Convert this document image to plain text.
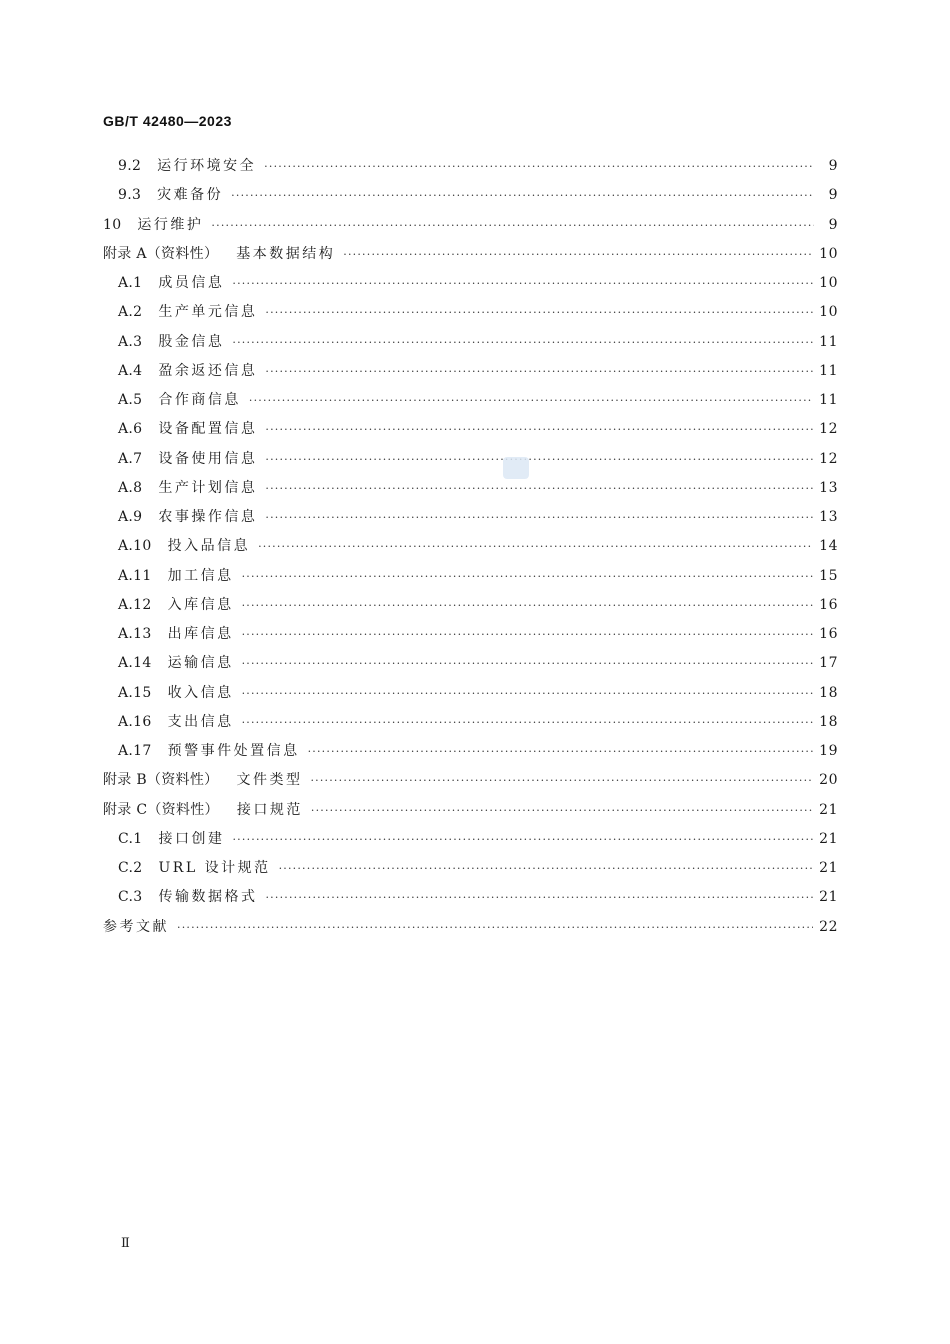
GB/T 42480—2023
9.2 运行环境安全 ·····	9
9.3 灾难备份 ·····	9
10 运行维护 ·····	9
附录 A（资料性） 基本数据结构 ·····	10
A.1 成员信息 ·····	10
A.2 生产单元信息 ·····	10
A.3 股金信息 ·····	11
A.4 盈余返还信息 ·····	11
A.5 合作商信息 ·····	11
A.6 设备配置信息 ·····	12
A.7 设备使用信息 ·····	12
A.8 生产计划信息 ·····	13
A.9 农事操作信息 ·····	13
A.10 投入品信息 ·····	14
A.11 加工信息 ·····	15
A.12 入库信息 ·····	16
A.13 出库信息 ·····	16
A.14 运输信息 ·····	17
A.15 收入信息 ·····	18
A.16 支出信息 ·····	18
A.17 预警事件处置信息 ·····	19
附录 B（资料性） 文件类型 ·····	20
附录 C（资料性） 接口规范 ·····	21
C.1 接口创建 ·····	21
C.2 URL 设计规范 ·····	21
C.3 传输数据格式 ·····	21
参考文献 ·····	22
Ⅱ
